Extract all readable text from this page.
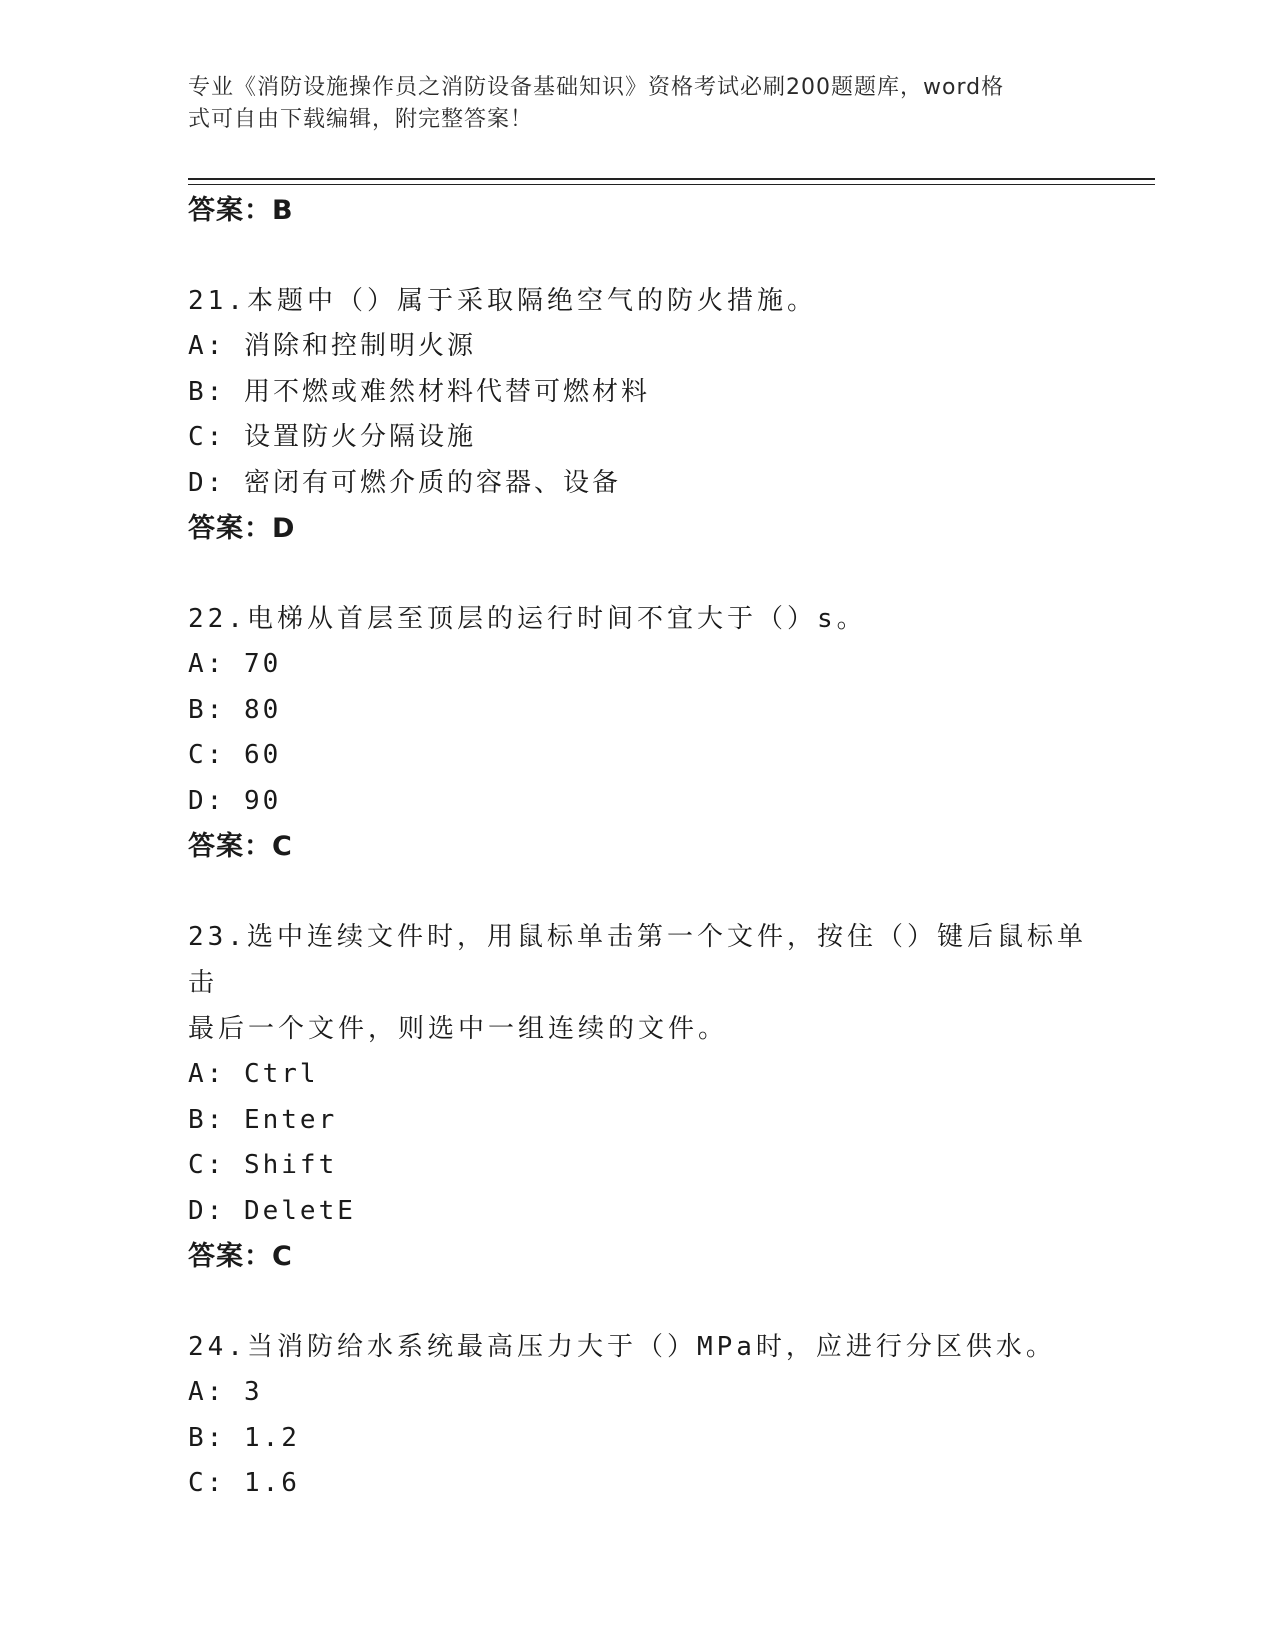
专业《消防设施操作员之消防设备基础知识》资格考试必刷200题题库，word格
式可自由下载编辑，附完整答案！
答案：B
21.本题中（）属于采取隔绝空气的防火措施。
A: 消除和控制明火源
B: 用不燃或难然材料代替可燃材料
C: 设置防火分隔设施
D: 密闭有可燃介质的容器、设备
答案：D
22.电梯从首层至顶层的运行时间不宜大于（）s。
A: 70
B: 80
C: 60
D: 90
答案：C
23.选中连续文件时，用鼠标单击第一个文件，按住（）键后鼠标单击
最后一个文件，则选中一组连续的文件。
A: Ctrl
B: Enter
C: Shift
D: DeletE
答案：C
24.当消防给水系统最高压力大于（）MPa时，应进行分区供水。
A: 3
B: 1.2
C: 1.6
